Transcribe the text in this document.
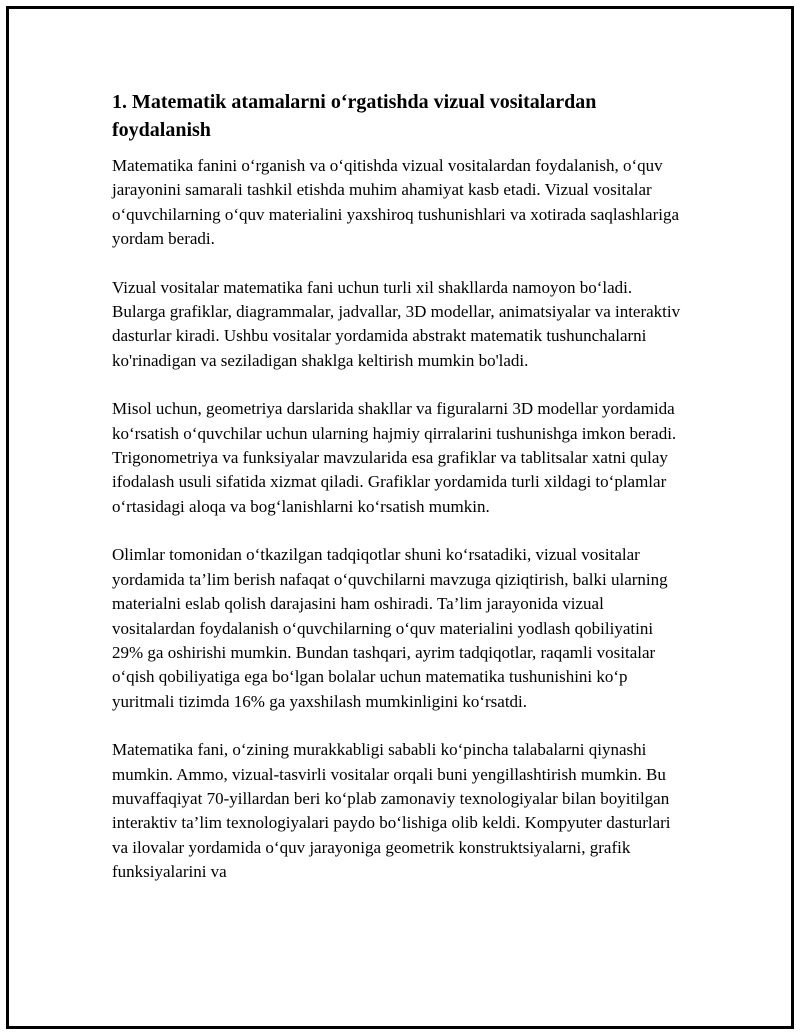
1. Matematik atamalarni o‘rgatishda vizual vositalardan foydalanish

Matematika fanini o‘rganish va o‘qitishda vizual vositalardan foydalanish, o‘quv jarayonini samarali tashkil etishda muhim ahamiyat kasb etadi. Vizual vositalar o‘quvchilarning o‘quv materialini yaxshiroq tushunishlari va xotirada saqlashlariga yordam beradi.

Vizual vositalar matematika fani uchun turli xil shakllarda namoyon bo‘ladi. Bularga grafiklar, diagrammalar, jadvallar, 3D modellar, animatsiyalar va interaktiv dasturlar kiradi. Ushbu vositalar yordamida abstrakt matematik tushunchalarni ko'rinadigan va seziladigan shaklga keltirish mumkin bo'ladi.

Misol uchun, geometriya darslarida shakllar va figuralarni 3D modellar yordamida ko‘rsatish o‘quvchilar uchun ularning hajmiy qirralarini tushunishga imkon beradi. Trigonometriya va funksiyalar mavzularida esa grafiklar va tablitsalar xatni qulay ifodalash usuli sifatida xizmat qiladi. Grafiklar yordamida turli xildagi to‘plamlar o‘rtasidagi aloqa va bog‘lanishlarni ko‘rsatish mumkin.

Olimlar tomonidan o‘tkazilgan tadqiqotlar shuni ko‘rsatadiki, vizual vositalar yordamida ta’lim berish nafaqat o‘quvchilarni mavzuga qiziqtirish, balki ularning materialni eslab qolish darajasini ham oshiradi. Ta’lim jarayonida vizual vositalardan foydalanish o‘quvchilarning o‘quv materialini yodlash qobiliyatini 29% ga oshirishi mumkin. Bundan tashqari, ayrim tadqiqotlar, raqamli vositalar o‘qish qobiliyatiga ega bo‘lgan bolalar uchun matematika tushunishini ko‘p yuritmali tizimda 16% ga yaxshilash mumkinligini ko‘rsatdi.

Matematika fani, o‘zining murakkabligi sababli ko‘pincha talabalarni qiynashi mumkin. Ammo, vizual-tasvirli vositalar orqali buni yengillashtirish mumkin. Bu muvaffaqiyat 70-yillardan beri ko‘plab zamonaviy texnologiyalar bilan boyitilgan interaktiv ta’lim texnologiyalari paydo bo‘lishiga olib keldi. Kompyuter dasturlari va ilovalar yordamida o‘quv jarayoniga geometrik konstruktsiyalarni, grafik funksiyalarini va
